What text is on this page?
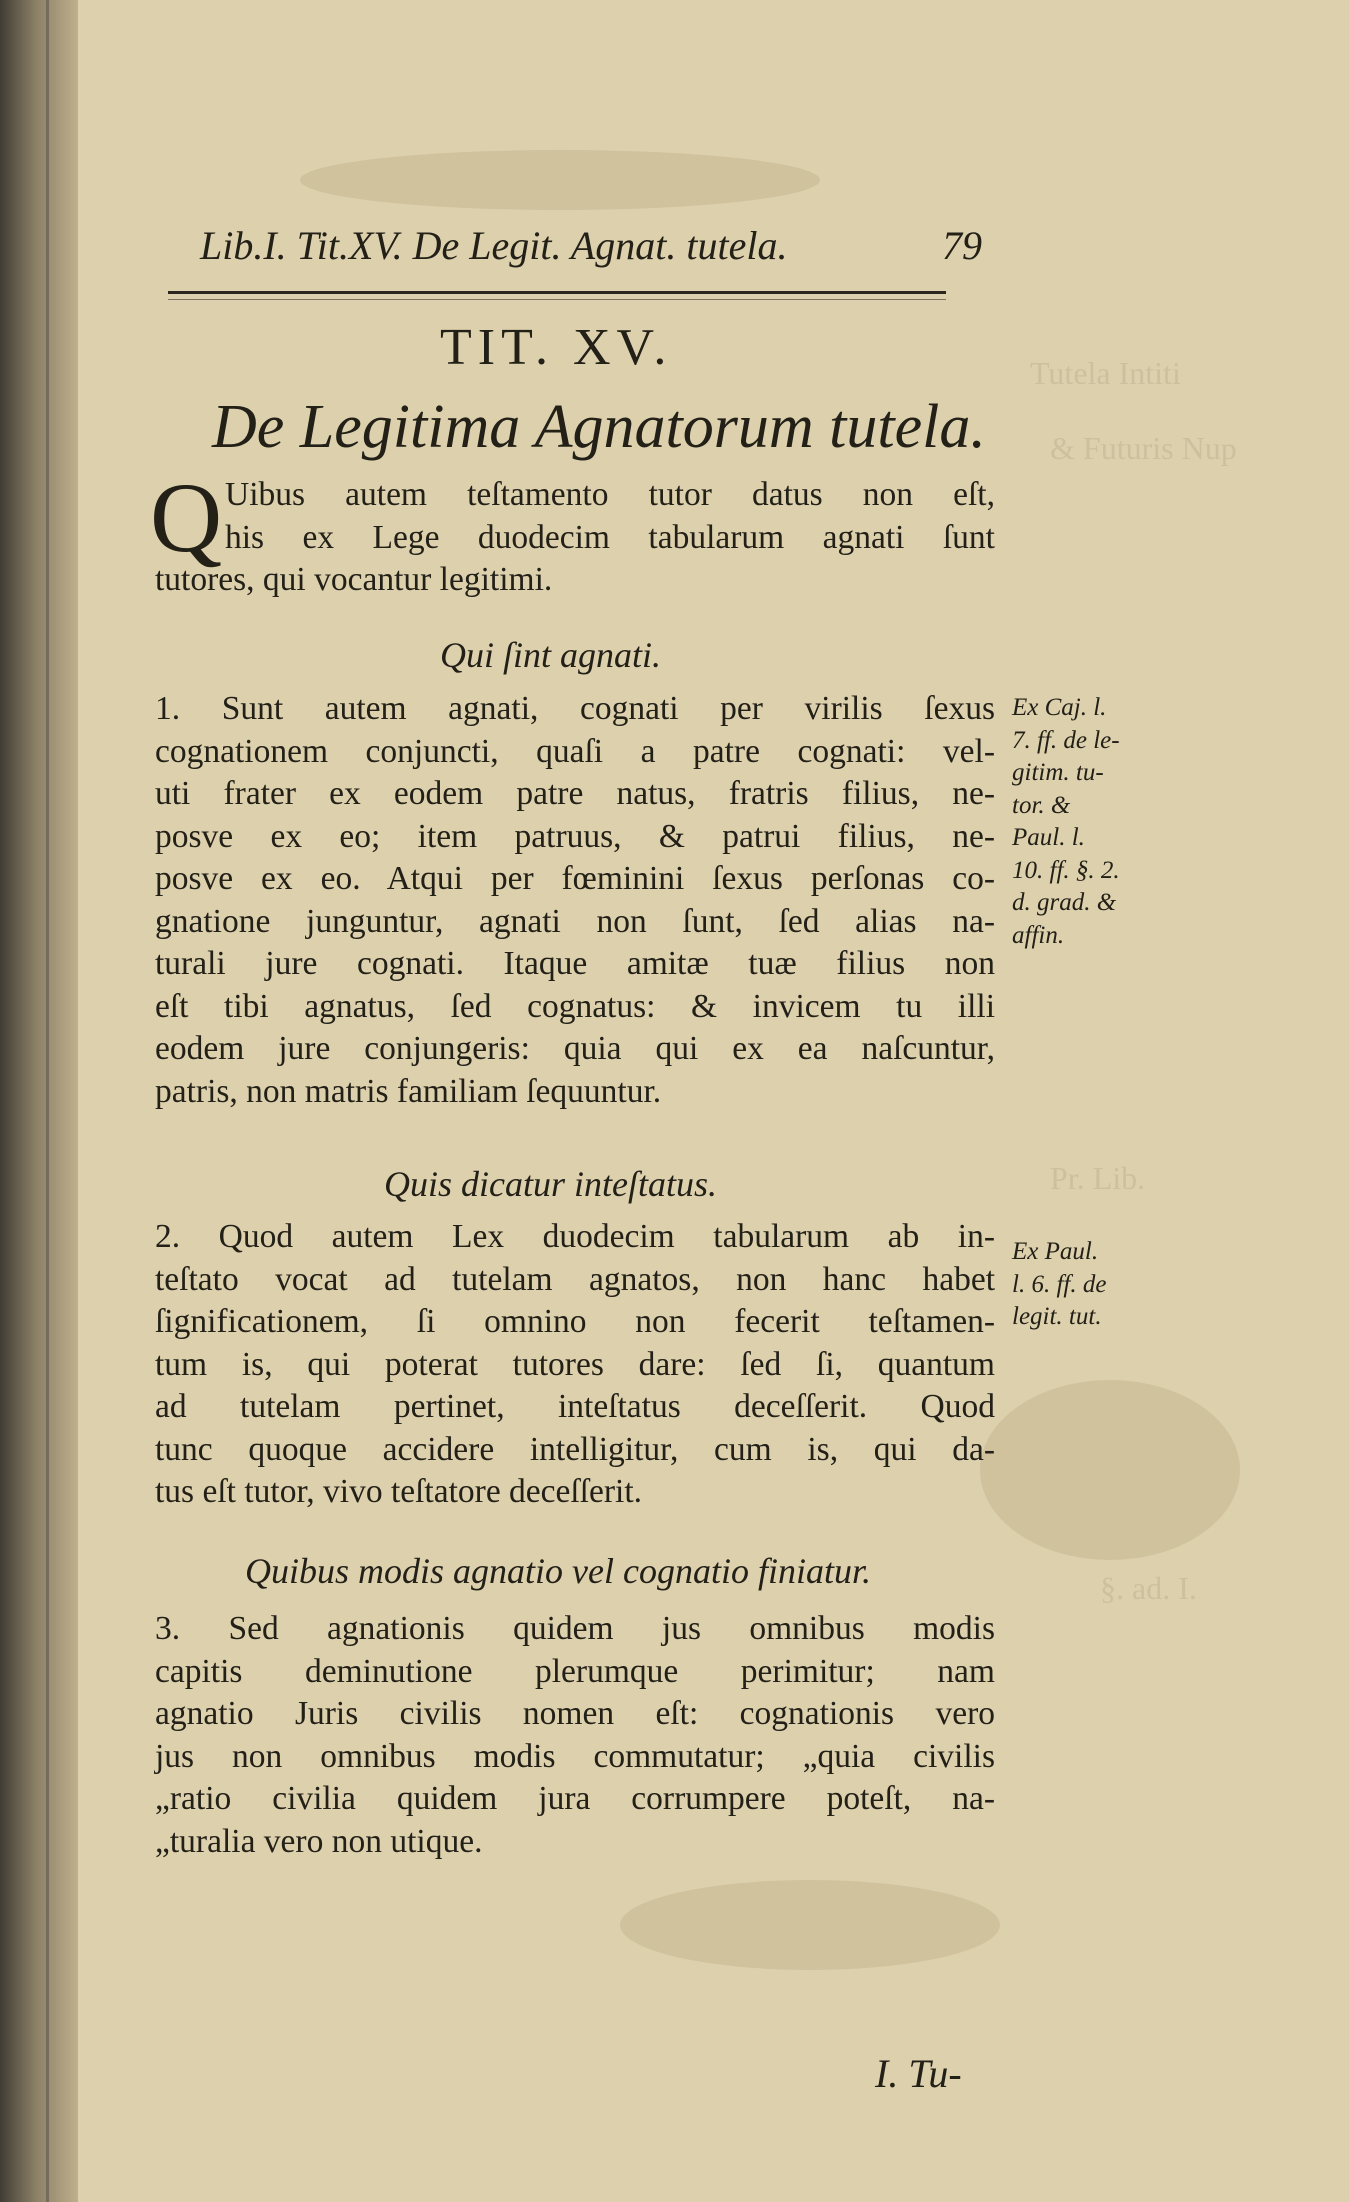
Tutela Intiti
& Futuris Nup
Pr. Lib.
§. ad. I.
Lib.I. Tit.XV. De Legit. Agnat. tutela.	79
TIT. XV.
De Legitima Agnatorum tutela.
Q Uibus autem teſtamento tutor datus non eſt,
his ex Lege duodecim tabularum agnati ſunt
tutores, qui vocantur legitimi.
Qui ſint agnati.
1. Sunt autem agnati, cognati per virilis ſexus
cognationem conjuncti, quaſi a patre cognati: vel-
uti frater ex eodem patre natus, fratris filius, ne-
posve ex eo; item patruus, & patrui filius, ne-
posve ex eo. Atqui per fœminini ſexus perſonas co-
gnatione junguntur, agnati non ſunt, ſed alias na-
turali jure cognati. Itaque amitæ tuæ filius non
eſt tibi agnatus, ſed cognatus: & invicem tu illi
eodem jure conjungeris: quia qui ex ea naſcuntur,
patris, non matris familiam ſequuntur.
Ex Caj. l.
7. ff. de le-
gitim. tu-
tor. &
Paul. l.
10. ff. §. 2.
d. grad. &
affin.
Quis dicatur inteſtatus.
2. Quod autem Lex duodecim tabularum ab in-
teſtato vocat ad tutelam agnatos, non hanc habet
ſignificationem, ſi omnino non fecerit teſtamen-
tum is, qui poterat tutores dare: ſed ſi, quantum
ad tutelam pertinet, inteſtatus deceſſerit. Quod
tunc quoque accidere intelligitur, cum is, qui da-
tus eſt tutor, vivo teſtatore deceſſerit.
Ex Paul.
l. 6. ff. de
legit. tut.
Quibus modis agnatio vel cognatio finiatur.
3. Sed agnationis quidem jus omnibus modis
capitis deminutione plerumque perimitur; nam
agnatio Juris civilis nomen eſt: cognationis vero
jus non omnibus modis commutatur; „quia civilis
„ratio civilia quidem jura corrumpere poteſt, na-
„turalia vero non utique.
I. Tu-
